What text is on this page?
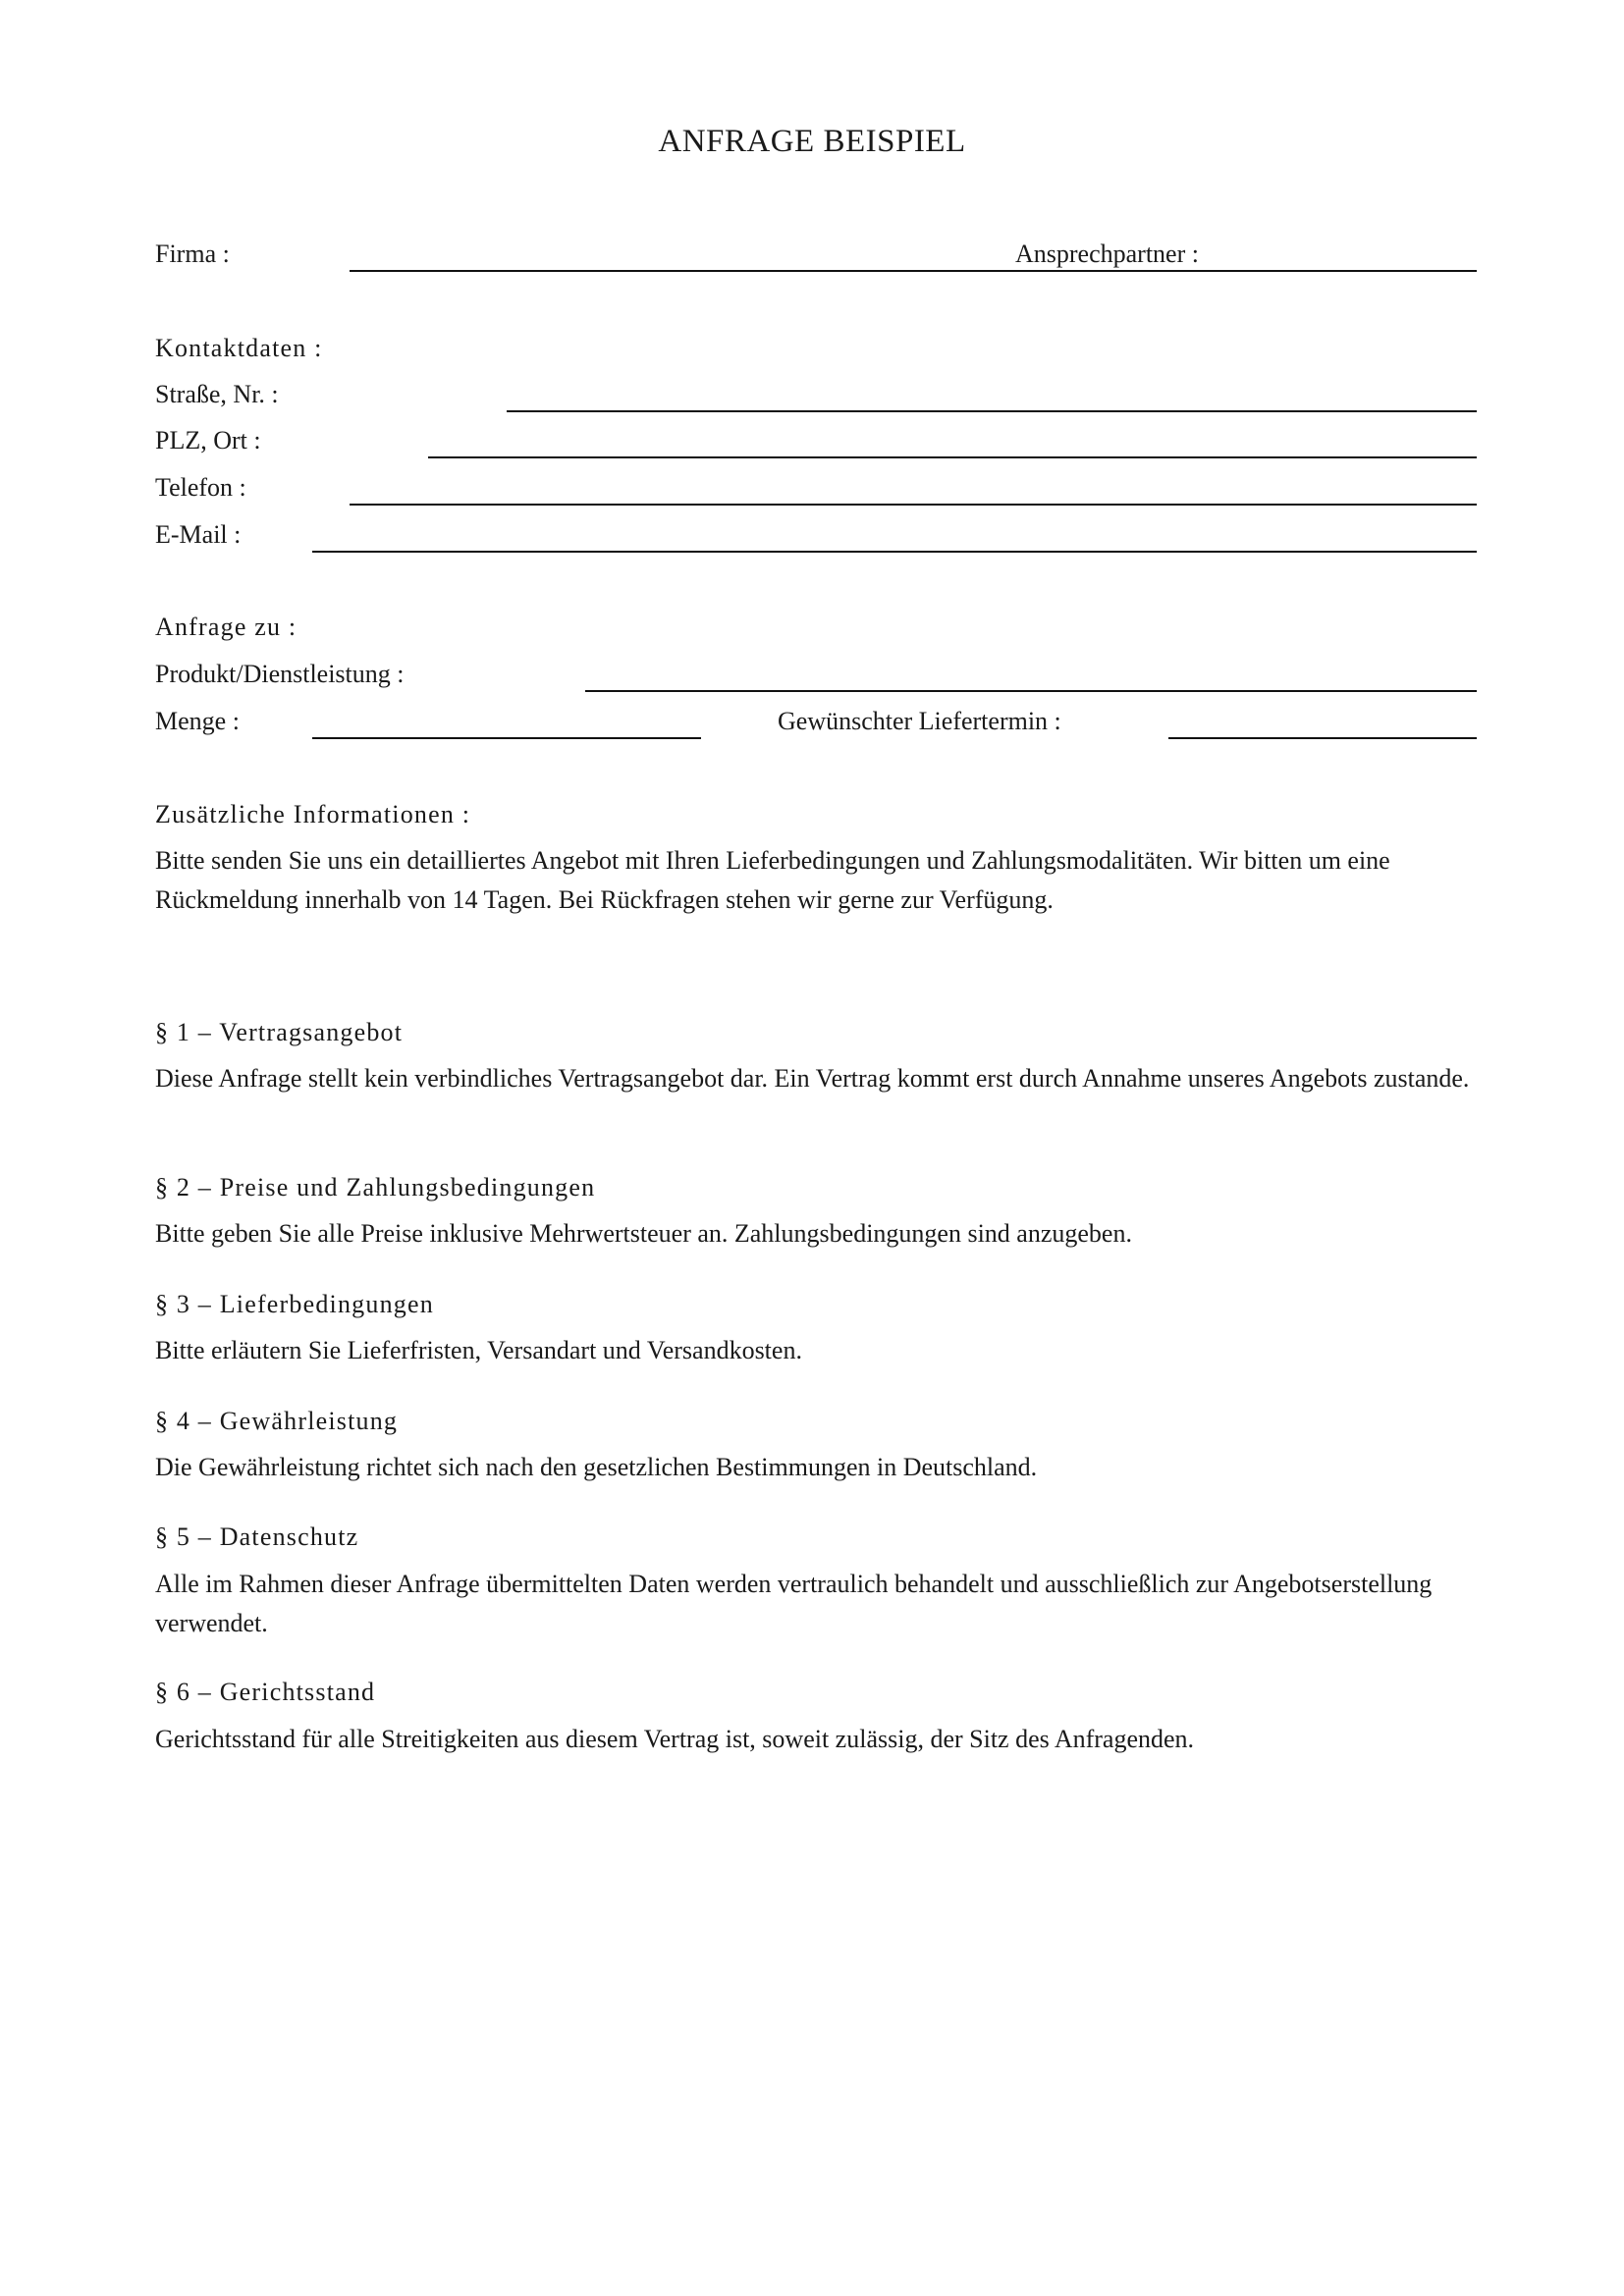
ANFRAGE BEISPIEL
Firma :	Ansprechpartner :
Kontaktdaten :
Straße, Nr. :
PLZ, Ort :
Telefon :
E-Mail :
Anfrage zu :
Produkt/Dienstleistung :
Menge :	Gewünschter Liefertermin :
Zusätzliche Informationen :
Bitte senden Sie uns ein detailliertes Angebot mit Ihren Lieferbedingungen und Zahlungsmodalitäten. Wir bitten um eine Rückmeldung innerhalb von 14 Tagen. Bei Rückfragen stehen wir gerne zur Verfügung.
§ 1 – Vertragsangebot
Diese Anfrage stellt kein verbindliches Vertragsangebot dar. Ein Vertrag kommt erst durch Annahme unseres Angebots zustande.
§ 2 – Preise und Zahlungsbedingungen
Bitte geben Sie alle Preise inklusive Mehrwertsteuer an. Zahlungsbedingungen sind anzugeben.
§ 3 – Lieferbedingungen
Bitte erläutern Sie Lieferfristen, Versandart und Versandkosten.
§ 4 – Gewährleistung
Die Gewährleistung richtet sich nach den gesetzlichen Bestimmungen in Deutschland.
§ 5 – Datenschutz
Alle im Rahmen dieser Anfrage übermittelten Daten werden vertraulich behandelt und ausschließlich zur Angebotserstellung verwendet.
§ 6 – Gerichtsstand
Gerichtsstand für alle Streitigkeiten aus diesem Vertrag ist, soweit zulässig, der Sitz des Anfragenden.
